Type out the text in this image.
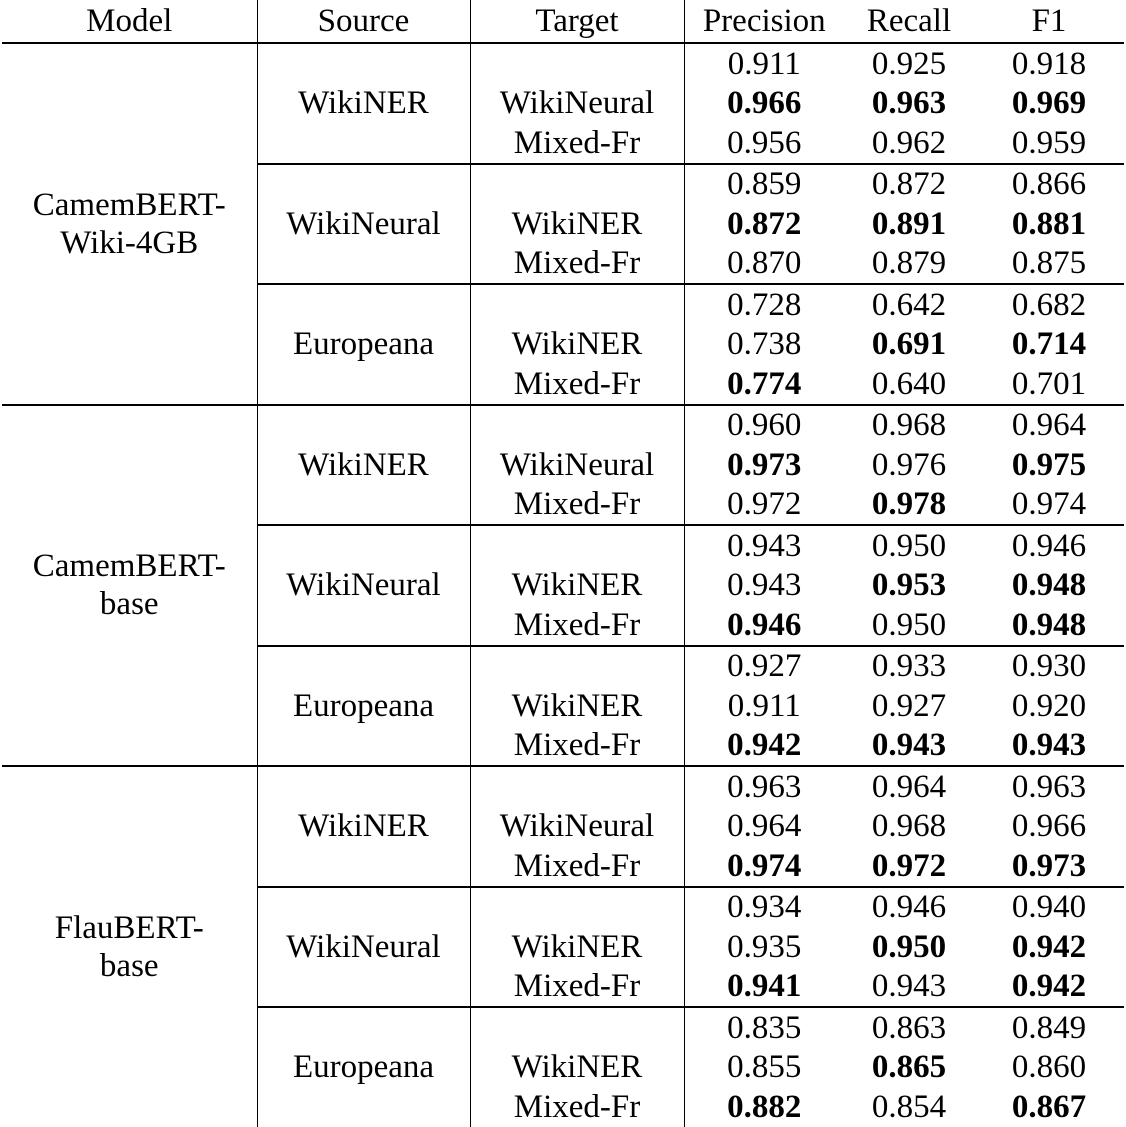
Model	Source	Target	Precision	Recall	F1

CamemBERT-
Wiki-4GB	WikiNER		0.911	0.925	0.918
		WikiNeural	0.966	0.963	0.969
		Mixed-Fr	0.956	0.962	0.959
	WikiNeural		0.859	0.872	0.866
		WikiNER	0.872	0.891	0.881
		Mixed-Fr	0.870	0.879	0.875
	Europeana		0.728	0.642	0.682
		WikiNER	0.738	0.691	0.714
		Mixed-Fr	0.774	0.640	0.701

CamemBERT-
base	WikiNER		0.960	0.968	0.964
		WikiNeural	0.973	0.976	0.975
		Mixed-Fr	0.972	0.978	0.974
	WikiNeural		0.943	0.950	0.946
		WikiNER	0.943	0.953	0.948
		Mixed-Fr	0.946	0.950	0.948
	Europeana		0.927	0.933	0.930
		WikiNER	0.911	0.927	0.920
		Mixed-Fr	0.942	0.943	0.943

FlauBERT-
base	WikiNER		0.963	0.964	0.963
		WikiNeural	0.964	0.968	0.966
		Mixed-Fr	0.974	0.972	0.973
	WikiNeural		0.934	0.946	0.940
		WikiNER	0.935	0.950	0.942
		Mixed-Fr	0.941	0.943	0.942
	Europeana		0.835	0.863	0.849
		WikiNER	0.855	0.865	0.860
		Mixed-Fr	0.882	0.854	0.867
